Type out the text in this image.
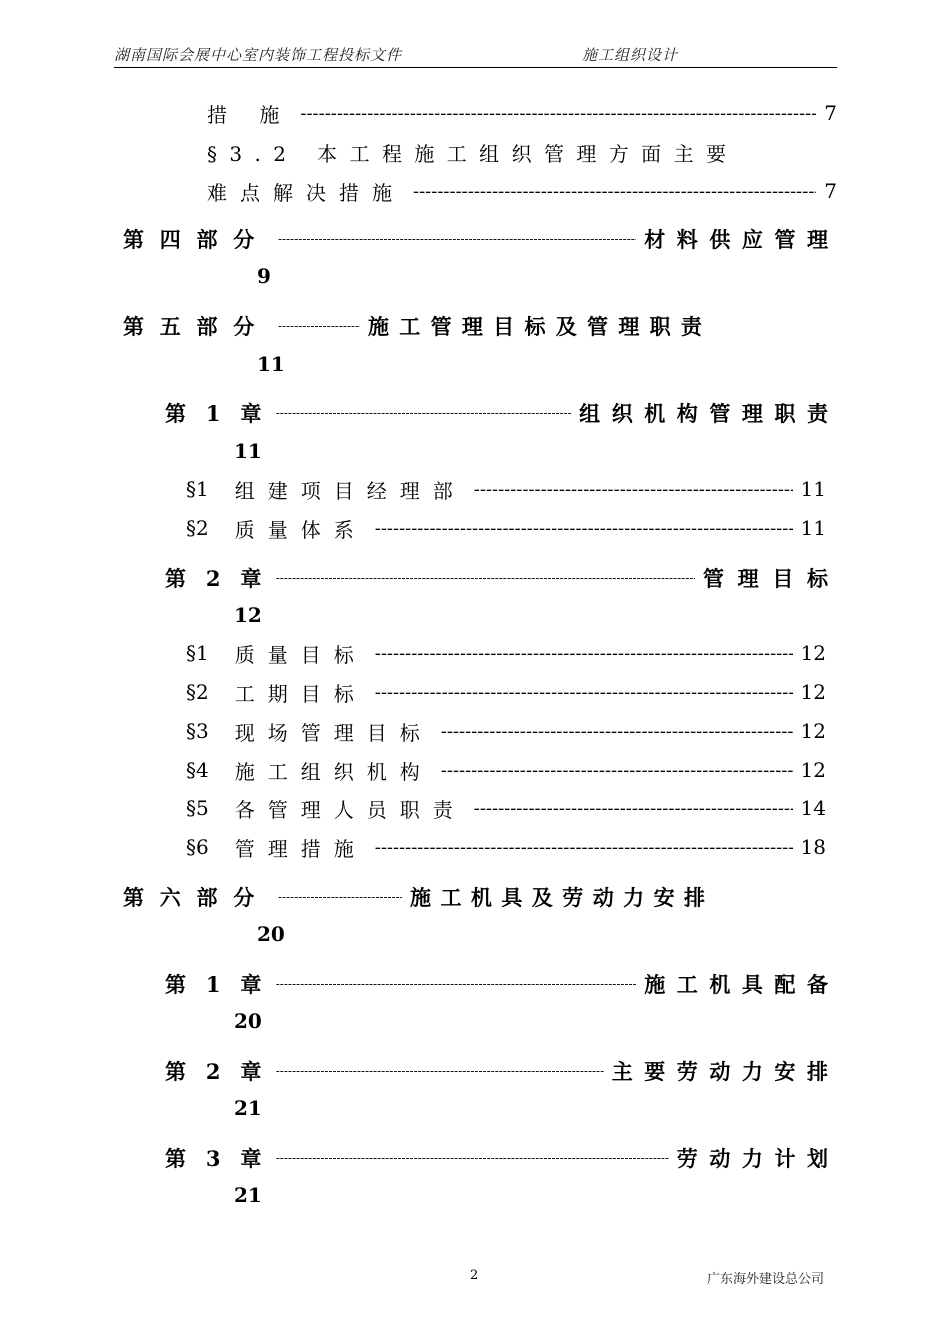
湖南国际会展中心室内装饰工程投标文件	施工组织设计
措 施 -----	7
§3.2 本工程施工组织管理方面主要
难点解决措施 -----	7
第四部分 -----	材料供应管理
9
第五部分 -----	施工管理目标及管理职责
11
第 1 章 -----	组织机构管理职责
11
§1 组建项目经理部 -----	11
§2 质量体系 -----	11
第 2 章 -----	管理目标
12
§1 质量目标 -----	12
§2 工期目标 -----	12
§3 现场管理目标 -----	12
§4 施工组织机构 -----	12
§5 各管理人员职责 -----	14
§6 管理措施 -----	18
第六部分 -----	施工机具及劳动力安排
20
第 1 章 -----	施工机具配备
20
第 2 章 -----	主要劳动力安排
21
第 3 章 -----	劳动力计划
21
2	广东海外建设总公司
